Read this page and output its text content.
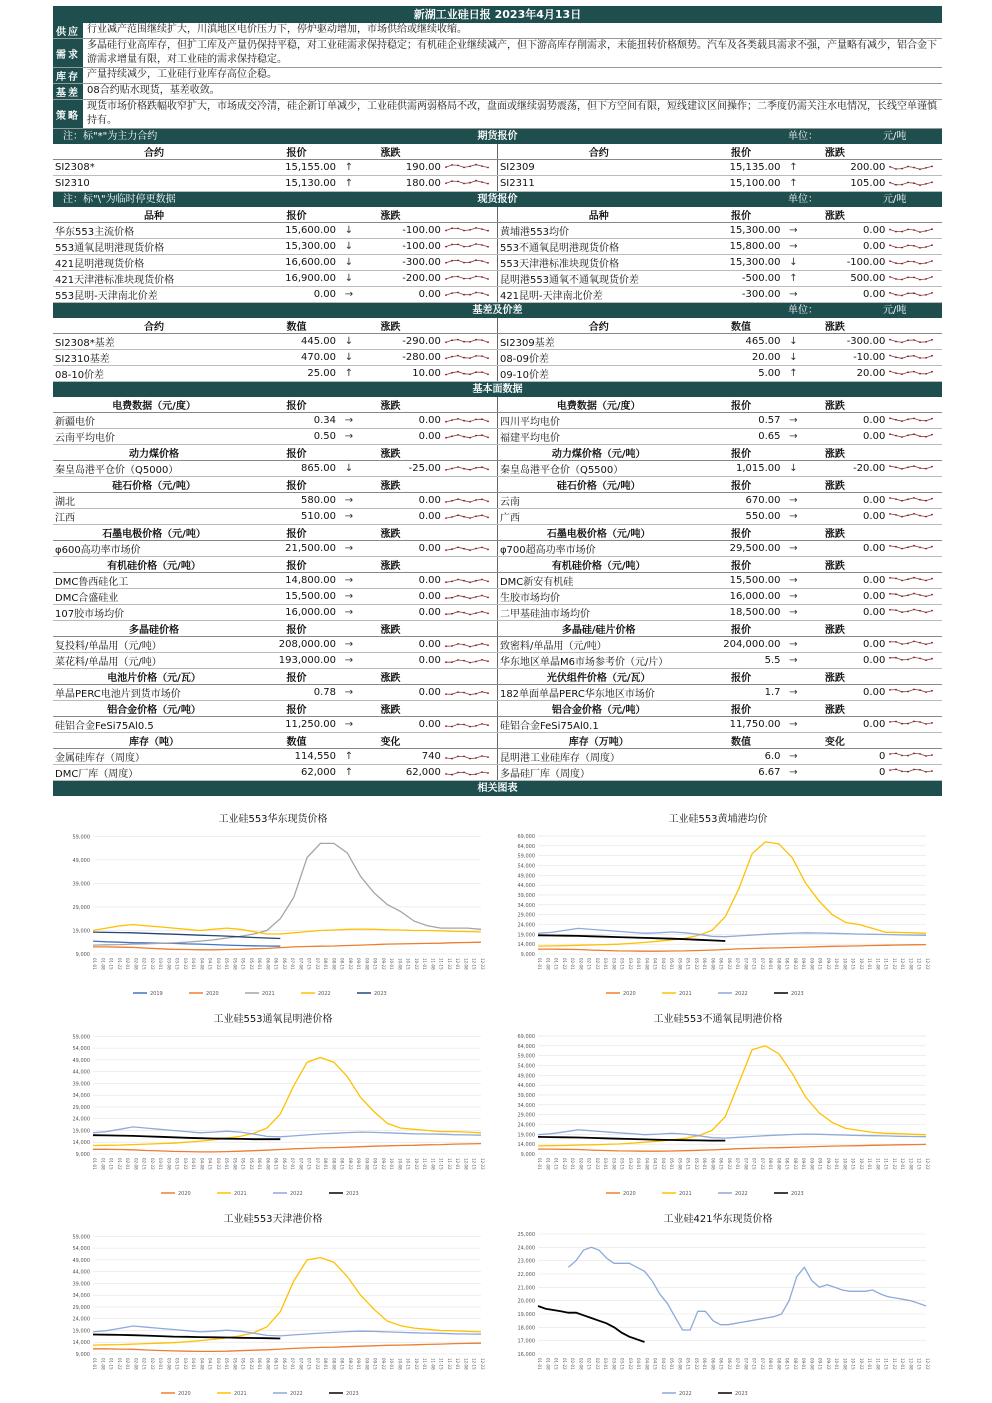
新湖工业硅日报 2023年4月13日
供应 行业减产范围继续扩大，川滇地区电价压力下，停炉驱动增加，市场供给或继续收缩。
需求
多晶硅行业高库存，但扩工库及产量仍保持平稳，对工业硅需求保持稳定；有机硅企业继续减产，但下游高库存削需求，未能扭转价格颓势。汽车及各类载具需求不强，产量略有减少，铝合金下游需求增量有限，对工业硅的需求保持稳定。
库存 产量持续减少，工业硅行业库存高位企稳。
基差 08合约贴水现货，基差收敛。
策略
现货市场价格跌幅收窄扩大，市场成交冷清，硅企新订单减少，工业硅供需两弱格局不改，盘面或继续弱势震荡，但下方空间有限，短线建议区间操作；二季度仍需关注水电情况，长线空单谨慎持有。
注：标"*"为主力合约	期货报价	单位：	元/吨
合约	报价	涨跌			合约	报价	涨跌		
SI2308*	15,155.00	↑	190.00		SI2309	15,135.00	↑	200.00	

SI2310	15,130.00	↑	180.00		SI2311	15,100.00	↑	105.00	
注：标"\"为临时停更数据	现货报价	单位：	元/吨
品种	报价	涨跌			品种	报价	涨跌		
华东553主流价格	15,600.00	↓	-100.00		黄埔港553均价	15,300.00	→	0.00	

553通氧昆明港现货价格	15,300.00	↓	-100.00		553不通氧昆明港现货价格	15,800.00	→	0.00	

421昆明港现货价格	16,600.00	↓	-300.00		553天津港标准块现货价格	15,300.00	↓	-100.00	

421天津港标准块现货价格	16,900.00	↓	-200.00		昆明港553通氧不通氧现货价差	-500.00	↑	500.00	

553昆明-天津南北价差	0.00	→	0.00		421昆明-天津南北价差	-300.00	→	0.00	
基差及价差	单位：	元/吨
合约	数值	涨跌			合约	数值	涨跌		
SI2308*基差	445.00	↓	-290.00		SI2309基差	465.00	↓	-300.00	

SI2310基差	470.00	↓	-280.00		08-09价差	20.00	↓	-10.00	

08-10价差	25.00	↑	10.00		09-10价差	5.00	↑	20.00	
基本面数据
电费数据（元/度）	报价	涨跌			电费数据（元/度）	报价	涨跌		
新疆电价	0.34	→	0.00		四川平均电价	0.57	→	0.00	

云南平均电价	0.50	→	0.00		福建平均电价	0.65	→	0.00	

动力煤价格	报价	涨跌			动力煤价格（元/吨）	报价	涨跌		
秦皇岛港平仓价（Q5000）	865.00	↓	-25.00		秦皇岛港平仓价（Q5500）	1,015.00	↓	-20.00	

硅石价格（元/吨）	报价	涨跌			硅石价格（元/吨）	报价	涨跌		
湖北	580.00	→	0.00		云南	670.00	→	0.00	

江西	510.00	→	0.00		广西	550.00	→	0.00	

石墨电极价格（元/吨）	报价	涨跌			石墨电极价格（元/吨）	报价	涨跌		
φ600高功率市场价	21,500.00	→	0.00		φ700超高功率市场价	29,500.00	→	0.00	

有机硅价格（元/吨）	报价	涨跌			有机硅价格（元/吨）	报价	涨跌		
DMC鲁西硅化工	14,800.00	→	0.00		DMC新安有机硅	15,500.00	→	0.00	

DMC合盛硅业	15,500.00	→	0.00		生胶市场均价	16,000.00	→	0.00	

107胶市场均价	16,000.00	→	0.00		二甲基硅油市场均价	18,500.00	→	0.00	

多晶硅价格	报价	涨跌			多晶硅/硅片价格	报价	涨跌		
复投料/单晶用（元/吨）	208,000.00	→	0.00		致密料/单晶用（元/吨）	204,000.00	→	0.00	

菜花料/单晶用（元/吨）	193,000.00	→	0.00		华东地区单晶M6市场参考价（元/片）	5.5	→	0.00	

电池片价格（元/瓦）	报价	涨跌			光伏组件价格（元/瓦）	报价	涨跌		
单晶PERC电池片到货市场价	0.78	→	0.00		182单面单晶PERC华东地区市场价	1.7	→	0.00	

铝合金价格（元/吨）	报价	涨跌			铝合金价格（元/吨）	报价	涨跌		
硅铝合金FeSi75Al0.5	11,250.00	→	0.00		硅铝合金FeSi75Al0.1	11,750.00	→	0.00	

库存（吨）	数值	变化			库存（万吨）	数值	变化		
金属硅库存（周度）	114,550	↑	740		昆明港工业硅库存（周度）	6.0	→	0	

DMC厂库（周度）	62,000	↑	62,000		多晶硅厂库（周度）	6.67	→	0	
相关图表
工业硅553华东现货价格
9,000
19,000
29,000
39,000
49,000
59,000
01-01 01-08 01-15 01-22 02-01 02-08 02-15 02-22 03-01 03-08 03-15 03-22 04-01 04-08 04-15 04-22 05-01 05-08 05-15 05-22 06-01 06-08 06-15 06-22 07-01 07-08 07-15 07-22 08-01 08-08 08-15 08-22 09-01 09-08 09-15 09-22 10-01 10-08 10-15 10-22 11-01 11-08 11-15 11-22 12-01 12-08 12-15 12-22
2019	2020	2021	2022	2023
工业硅553黄埔港均价
9,000
14,000
19,000
24,000
29,000
34,000
39,000
44,000
49,000
54,000
59,000
64,000
69,000
01-01 01-08 01-15 01-22 02-01 02-08 02-15 02-22 03-01 03-08 03-15 03-22 04-01 04-08 04-15 04-22 05-01 05-08 05-15 05-22 06-01 06-08 06-15 06-22 07-01 07-08 07-15 07-22 08-01 08-08 08-15 08-22 09-01 09-08 09-15 09-22 10-01 10-08 10-15 10-22 11-01 11-08 11-15 11-22 12-01 12-08 12-15 12-22
2020	2021	2022	2023
工业硅553通氧昆明港价格
9,000
14,000
19,000
24,000
29,000
34,000
39,000
44,000
49,000
54,000
59,000
01-01 01-08 01-15 01-22 02-01 02-08 02-15 02-22 03-01 03-08 03-15 03-22 04-01 04-08 04-15 04-22 05-01 05-08 05-15 05-22 06-01 06-08 06-15 06-22 07-01 07-08 07-15 07-22 08-01 08-08 08-15 08-22 09-01 09-08 09-15 09-22 10-01 10-08 10-15 10-22 11-01 11-08 11-15 11-22 12-01 12-08 12-15 12-22
2020	2021	2022	2023
工业硅553不通氧昆明港价格
9,000
14,000
19,000
24,000
29,000
34,000
39,000
44,000
49,000
54,000
59,000
64,000
69,000
01-01 01-08 01-15 01-22 02-01 02-08 02-15 02-22 03-01 03-08 03-15 03-22 04-01 04-08 04-15 04-22 05-01 05-08 05-15 05-22 06-01 06-08 06-15 06-22 07-01 07-08 07-15 07-22 08-01 08-08 08-15 08-22 09-01 09-08 09-15 09-22 10-01 10-08 10-15 10-22 11-01 11-08 11-15 11-22 12-01 12-08 12-15 12-22
2020	2021	2022	2023
工业硅553天津港价格
9,000
14,000
19,000
24,000
29,000
34,000
39,000
44,000
49,000
54,000
59,000
01-01 01-08 01-15 01-22 02-01 02-08 02-15 02-22 03-01 03-08 03-15 03-22 04-01 04-08 04-15 04-22 05-01 05-08 05-15 05-22 06-01 06-08 06-15 06-22 07-01 07-08 07-15 07-22 08-01 08-08 08-15 08-22 09-01 09-08 09-15 09-22 10-01 10-08 10-15 10-22 11-01 11-08 11-15 11-22 12-01 12-08 12-15 12-22
2020	2021	2022	2023
工业硅421华东现货价格
16,000
17,000
18,000
19,000
20,000
21,000
22,000
23,000
24,000
25,000
01-01 01-08 01-15 01-22 02-01 02-08 02-15 02-22 03-01 03-08 03-15 03-22 04-01 04-08 04-15 04-22 05-01 05-08 05-15 05-22 06-01 06-08 06-15 06-22 07-01 07-08 07-15 07-22 08-01 08-08 08-15 08-22 09-01 09-08 09-15 09-22 10-01 10-08 10-15 10-22 11-01 11-08 11-15 11-22 12-01 12-08 12-15 12-22
2022	2023
